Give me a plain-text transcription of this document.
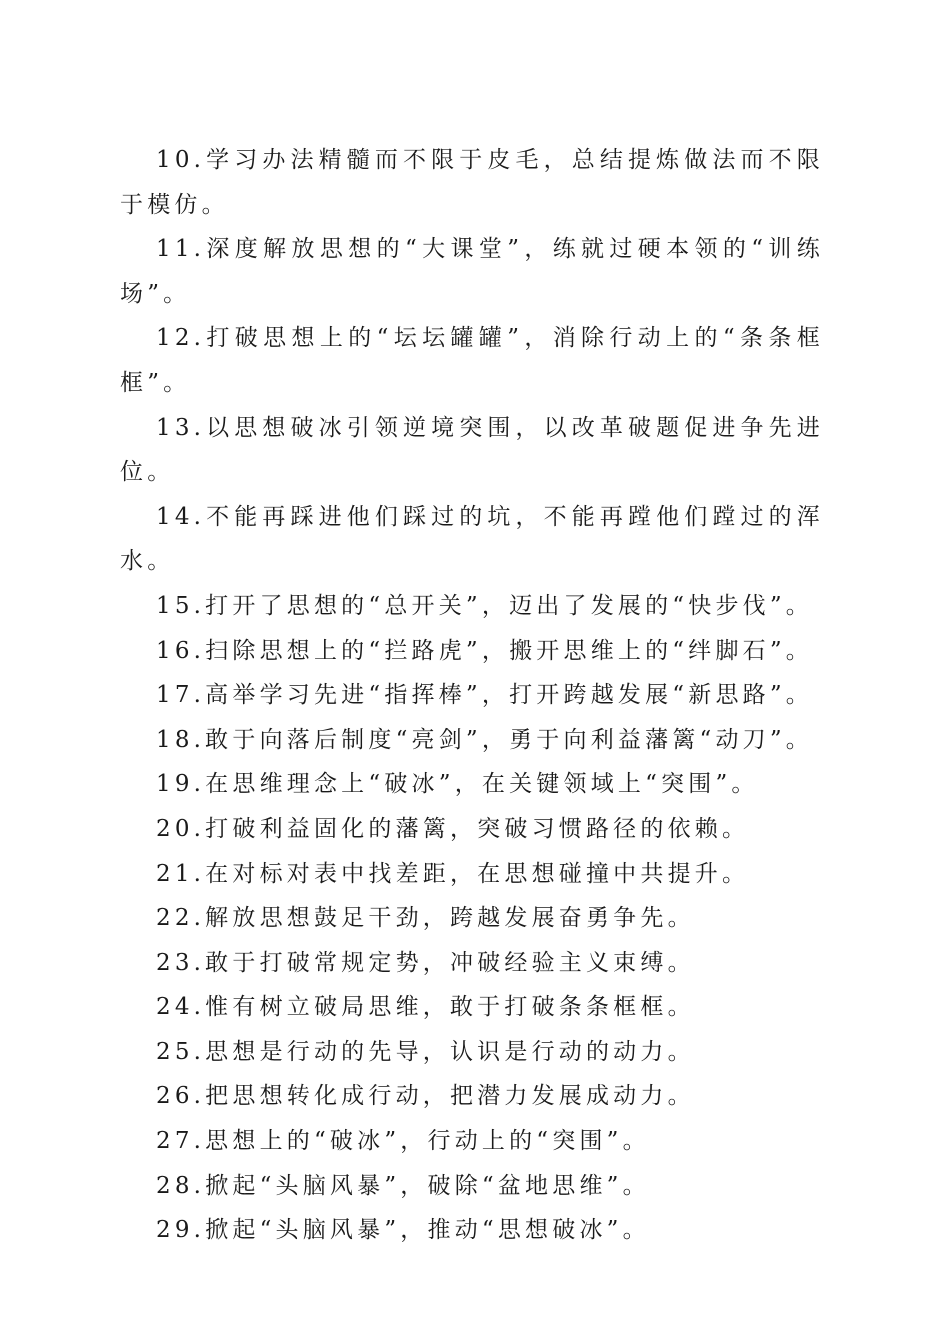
10.学习办法精髓而不限于皮毛，总结提炼做法而不限于模仿。

11.深度解放思想的“大课堂”，练就过硬本领的“训练场”。

12.打破思想上的“坛坛罐罐”，消除行动上的“条条框框”。

13.以思想破冰引领逆境突围，以改革破题促进争先进位。

14.不能再踩进他们踩过的坑，不能再蹚他们蹚过的浑水。

15.打开了思想的“总开关”，迈出了发展的“快步伐”。

16.扫除思想上的“拦路虎”，搬开思维上的“绊脚石”。

17.高举学习先进“指挥棒”，打开跨越发展“新思路”。

18.敢于向落后制度“亮剑”，勇于向利益藩篱“动刀”。

19.在思维理念上“破冰”，在关键领域上“突围”。

20.打破利益固化的藩篱，突破习惯路径的依赖。

21.在对标对表中找差距，在思想碰撞中共提升。

22.解放思想鼓足干劲，跨越发展奋勇争先。

23.敢于打破常规定势，冲破经验主义束缚。

24.惟有树立破局思维，敢于打破条条框框。

25.思想是行动的先导，认识是行动的动力。

26.把思想转化成行动，把潜力发展成动力。

27.思想上的“破冰”，行动上的“突围”。

28.掀起“头脑风暴”，破除“盆地思维”。

29.掀起“头脑风暴”，推动“思想破冰”。
